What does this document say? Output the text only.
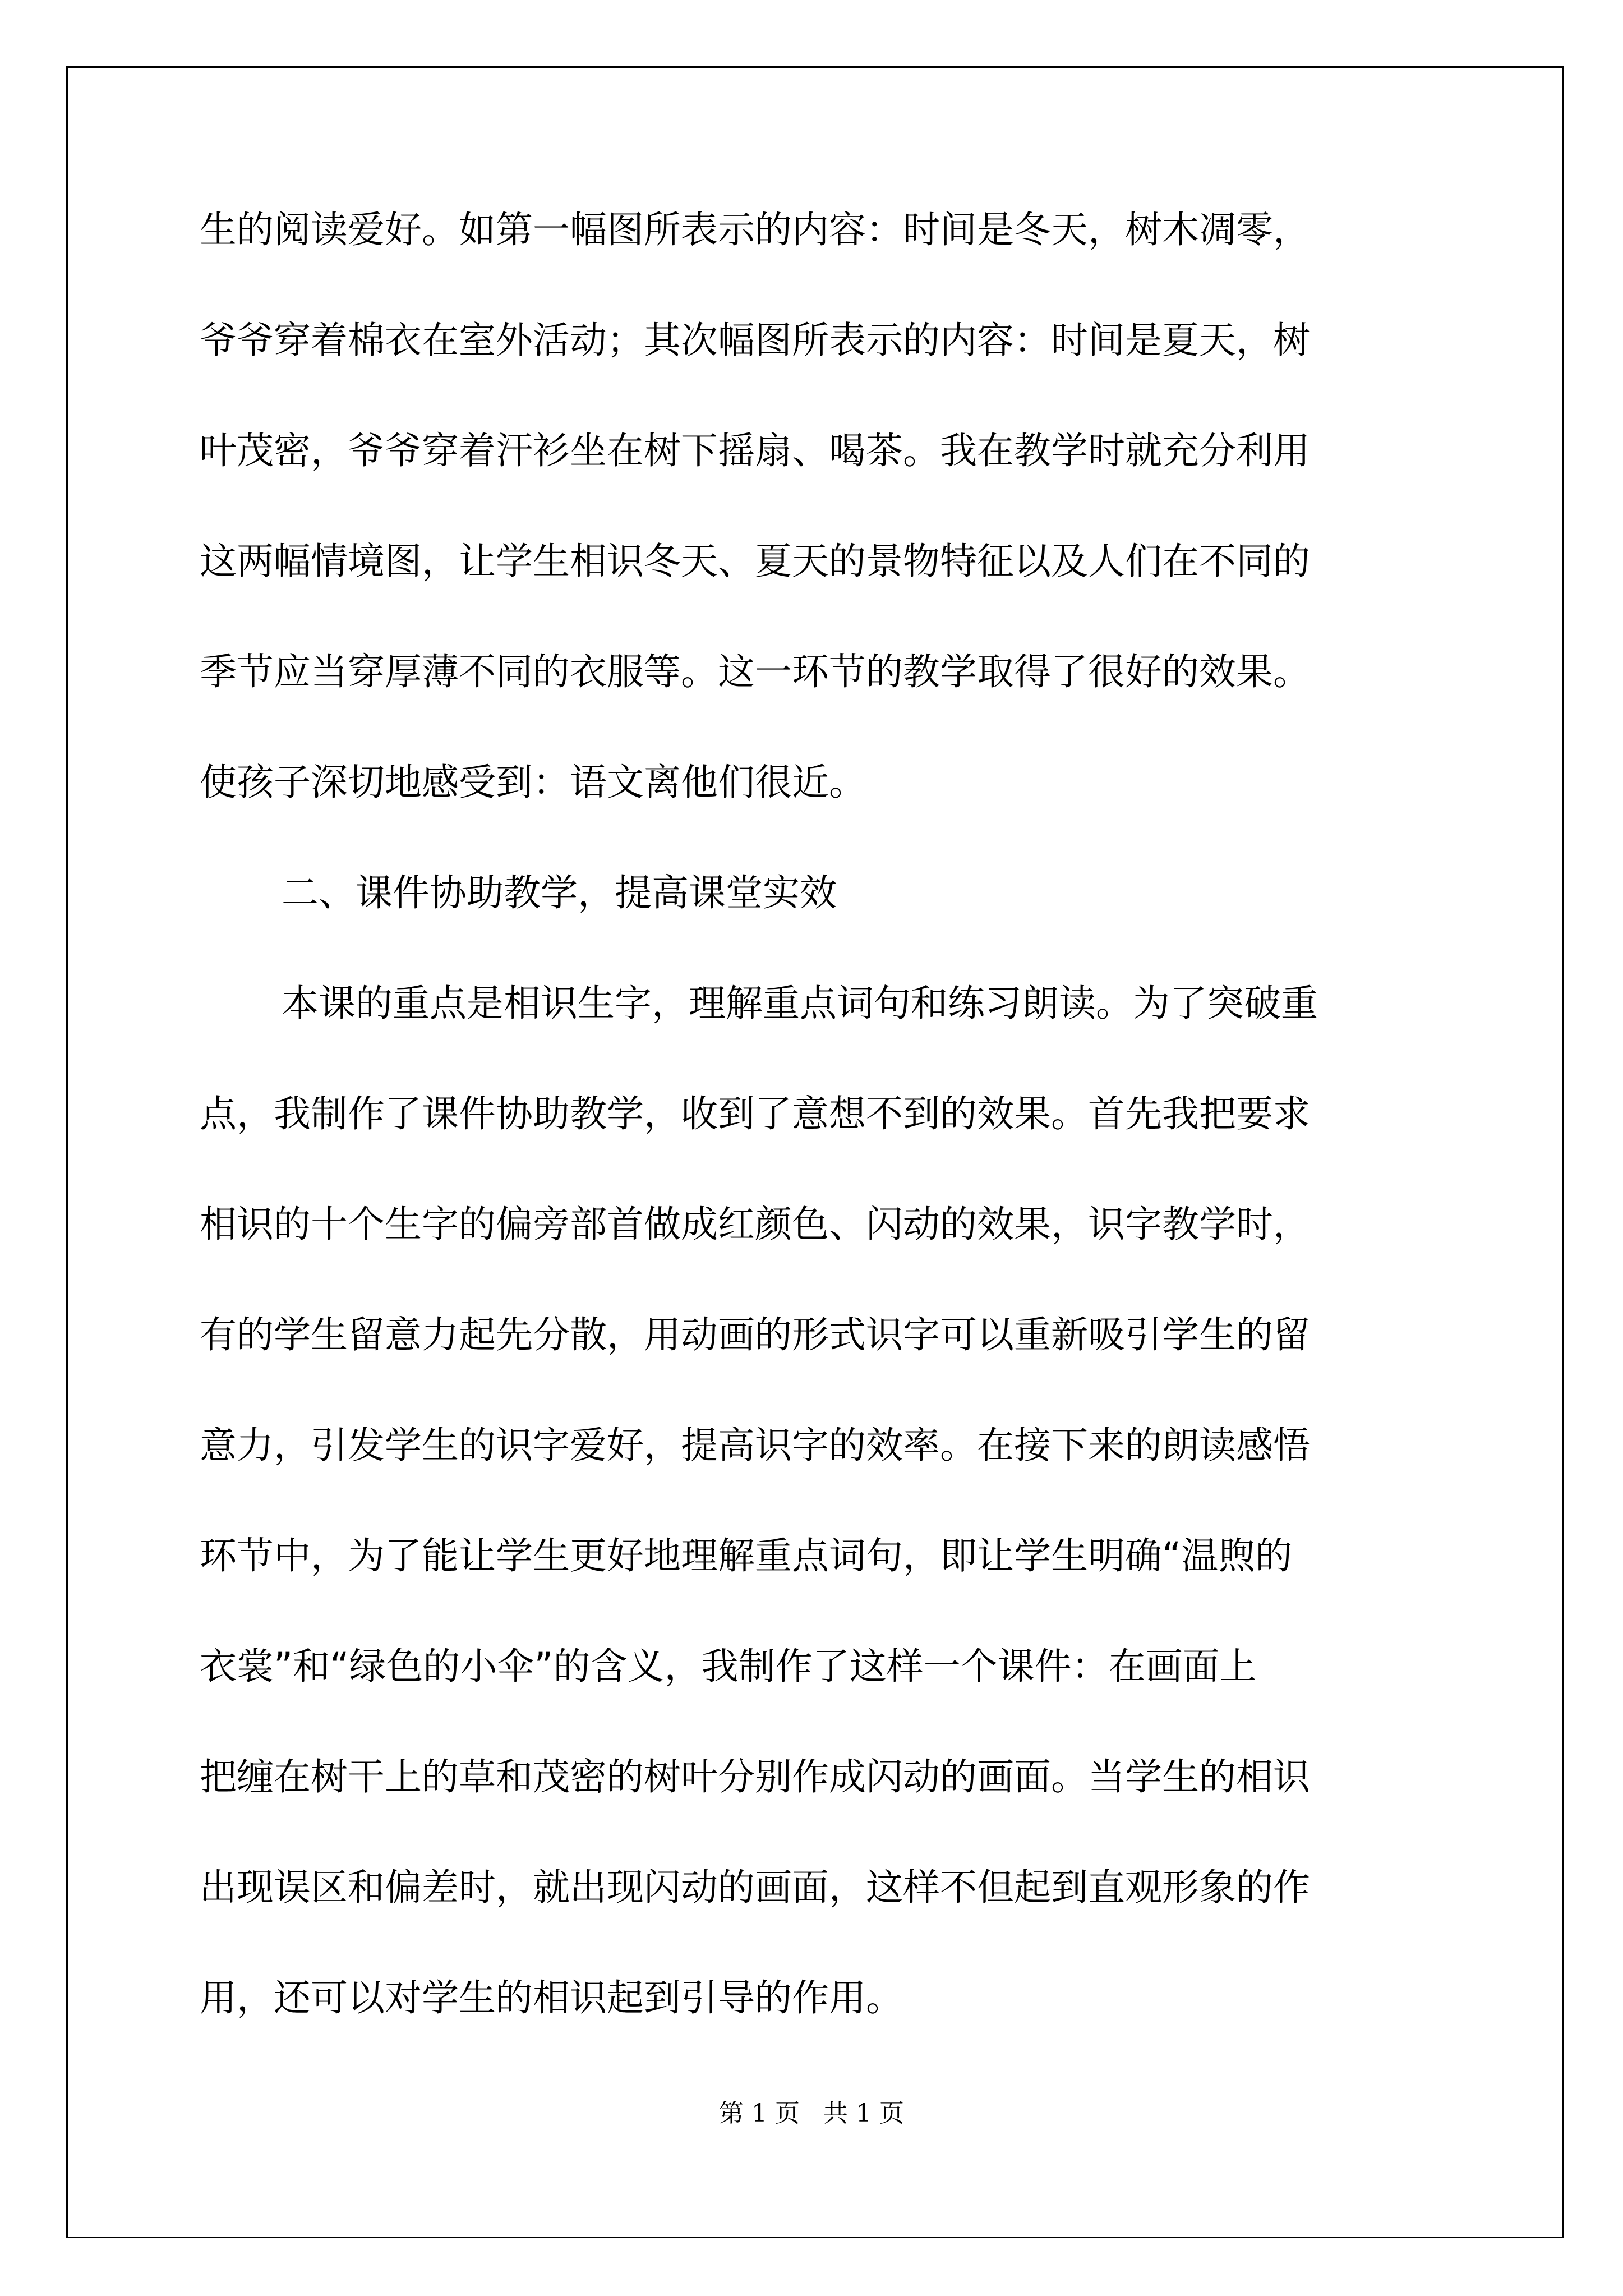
生的阅读爱好。如第一幅图所表示的内容：时间是冬天，树木凋零，
爷爷穿着棉衣在室外活动；其次幅图所表示的内容：时间是夏天，树
叶茂密，爷爷穿着汗衫坐在树下摇扇、喝茶。我在教学时就充分利用
这两幅情境图，让学生相识冬天、夏天的景物特征以及人们在不同的
季节应当穿厚薄不同的衣服等。这一环节的教学取得了很好的效果。
使孩子深切地感受到：语文离他们很近。
二、课件协助教学，提高课堂实效
本课的重点是相识生字，理解重点词句和练习朗读。为了突破重
点，我制作了课件协助教学，收到了意想不到的效果。首先我把要求
相识的十个生字的偏旁部首做成红颜色、闪动的效果，识字教学时，
有的学生留意力起先分散，用动画的形式识字可以重新吸引学生的留
意力，引发学生的识字爱好，提高识字的效率。在接下来的朗读感悟
环节中，为了能让学生更好地理解重点词句，即让学生明确“温煦的
衣裳”和“绿色的小伞”的含义，我制作了这样一个课件：在画面上
把缠在树干上的草和茂密的树叶分别作成闪动的画面。当学生的相识
出现误区和偏差时，就出现闪动的画面，这样不但起到直观形象的作
用，还可以对学生的相识起到引导的作用。
第 1 页   共 1 页
